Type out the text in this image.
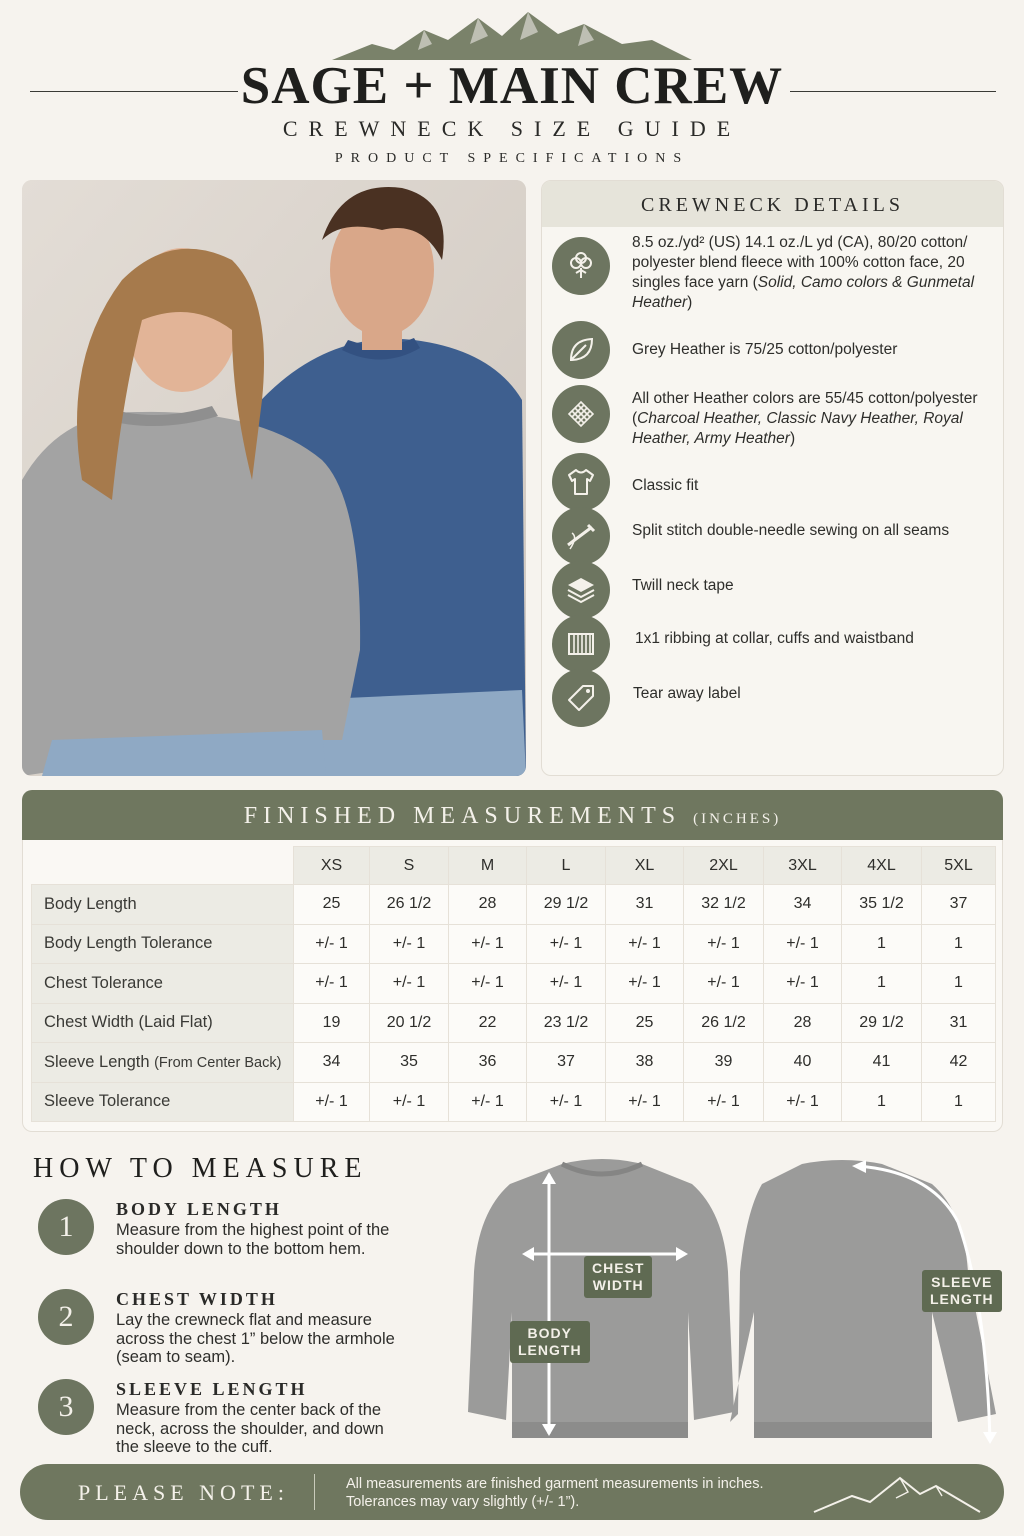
SAGE + MAIN CREW
CREWNECK SIZE GUIDE
PRODUCT SPECIFICATIONS
CREWNECK DETAILS
8.5 oz./yd² (US) 14.1 oz./L yd (CA), 80/20 cotton/ polyester blend fleece with 100% cotton face, 20 singles face yarn (Solid, Camo colors & Gunmetal Heather)
Grey Heather is 75/25 cotton/polyester
All other Heather colors are 55/45 cotton/polyester (Charcoal Heather, Classic Navy Heather, Royal Heather, Army Heather)
Classic fit
Split stitch double-needle sewing on all seams
Twill neck tape
1x1 ribbing at collar, cuffs and waistband
Tear away label
FINISHED MEASUREMENTS (INCHES)
	XS	S	M	L	XL	2XL	3XL	4XL	5XL
Body Length	25	26 1/2	28	29 1/2	31	32 1/2	34	35 1/2	37
Body Length Tolerance	+/- 1	+/- 1	+/- 1	+/- 1	+/- 1	+/- 1	+/- 1	1	1
Chest Tolerance	+/- 1	+/- 1	+/- 1	+/- 1	+/- 1	+/- 1	+/- 1	1	1
Chest Width (Laid Flat)	19	20 1/2	22	23 1/2	25	26 1/2	28	29 1/2	31
Sleeve Length (From Center Back)	34	35	36	37	38	39	40	41	42
Sleeve Tolerance	+/- 1	+/- 1	+/- 1	+/- 1	+/- 1	+/- 1	+/- 1	1	1
HOW TO MEASURE
1
BODY LENGTH
Measure from the highest point of the shoulder down to the bottom hem.
2
CHEST WIDTH
Lay the crewneck flat and measure across the chest 1” below the armhole (seam to seam).
3
SLEEVE LENGTH
Measure from the center back of the neck, across the shoulder, and down the sleeve to the cuff.
CHEST
WIDTH
BODY
LENGTH
SLEEVE
LENGTH
PLEASE NOTE:	All measurements are finished garment measurements in inches.
Tolerances may vary slightly (+/- 1”).
